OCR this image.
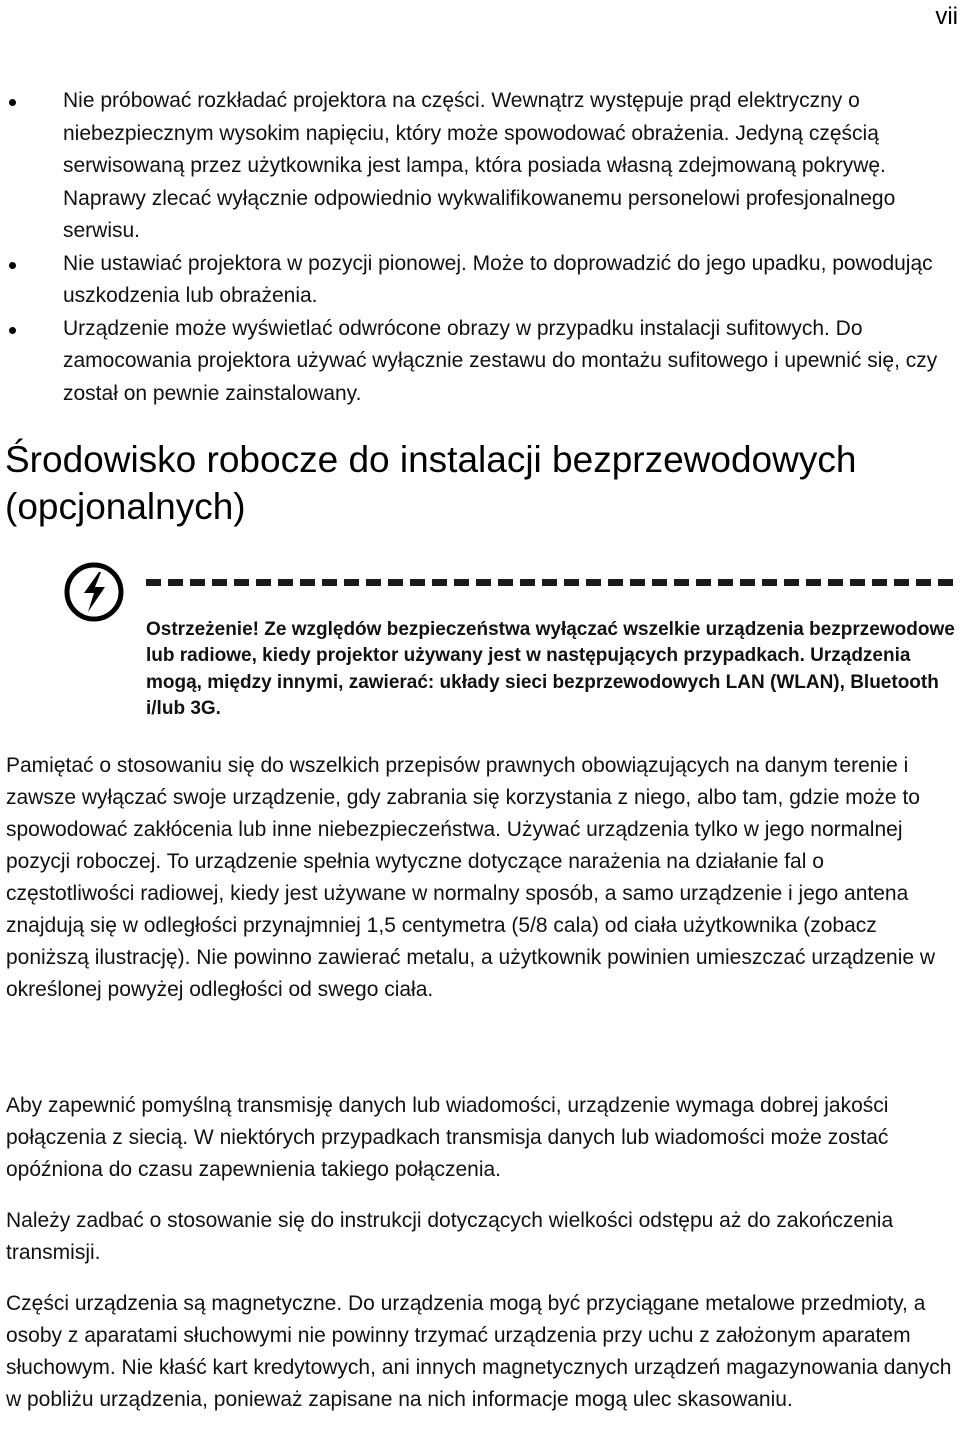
vii
Nie próbować rozkładać projektora na części. Wewnątrz występuje prąd elektryczny o niebezpiecznym wysokim napięciu, który może spowodować obrażenia. Jedyną częścią serwisowaną przez użytkownika jest lampa, która posiada własną zdejmowaną pokrywę. Naprawy zlecać wyłącznie odpowiednio wykwalifikowanemu personelowi profesjonalnego serwisu.
Nie ustawiać projektora w pozycji pionowej. Może to doprowadzić do jego upadku, powodując uszkodzenia lub obrażenia.
Urządzenie może wyświetlać odwrócone obrazy w przypadku instalacji sufitowych. Do zamocowania projektora używać wyłącznie zestawu do montażu sufitowego i upewnić się, czy został on pewnie zainstalowany.
Środowisko robocze do instalacji bezprzewodowych (opcjonalnych)

Ostrzeżenie! Ze względów bezpieczeństwa wyłączać wszelkie urządzenia bezprzewodowe lub radiowe, kiedy projektor używany jest w następujących przypadkach. Urządzenia mogą, między innymi, zawierać: układy sieci bezprzewodowych LAN (WLAN), Bluetooth i/lub 3G.

Pamiętać o stosowaniu się do wszelkich przepisów prawnych obowiązujących na danym terenie i zawsze wyłączać swoje urządzenie, gdy zabrania się korzystania z niego, albo tam, gdzie może to spowodować zakłócenia lub inne niebezpieczeństwa. Używać urządzenia tylko w jego normalnej pozycji roboczej. To urządzenie spełnia wytyczne dotyczące narażenia na działanie fal o częstotliwości radiowej, kiedy jest używane w normalny sposób, a samo urządzenie i jego antena znajdują się w odległości przynajmniej 1,5 centymetra (5/8 cala) od ciała użytkownika (zobacz poniższą ilustrację). Nie powinno zawierać metalu, a użytkownik powinien umieszczać urządzenie w określonej powyżej odległości od swego ciała.

Aby zapewnić pomyślną transmisję danych lub wiadomości, urządzenie wymaga dobrej jakości połączenia z siecią. W niektórych przypadkach transmisja danych lub wiadomości może zostać opóźniona do czasu zapewnienia takiego połączenia.

Należy zadbać o stosowanie się do instrukcji dotyczących wielkości odstępu aż do zakończenia transmisji.

Części urządzenia są magnetyczne. Do urządzenia mogą być przyciągane metalowe przedmioty, a osoby z aparatami słuchowymi nie powinny trzymać urządzenia przy uchu z założonym aparatem słuchowym. Nie kłaść kart kredytowych, ani innych magnetycznych urządzeń magazynowania danych w pobliżu urządzenia, ponieważ zapisane na nich informacje mogą ulec skasowaniu.
